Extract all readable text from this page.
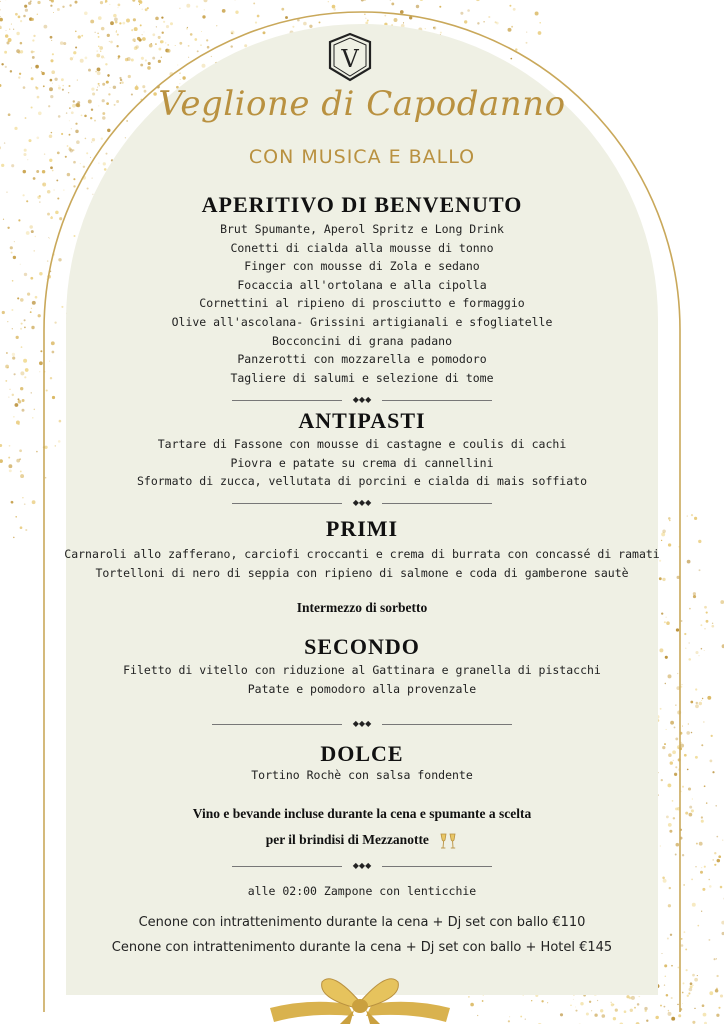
V
Veglione di Capodanno
CON MUSICA E BALLO
APERITIVO DI BENVENUTO
Brut Spumante, Aperol Spritz e Long Drink
Conetti di cialda alla mousse di tonno
Finger con mousse di Zola e sedano
Focaccia all'ortolana e alla cipolla
Cornettini al ripieno di prosciutto e formaggio
Olive all'ascolana- Grissini artigianali e sfogliatelle
Bocconcini di grana padano
Panzerotti con mozzarella e pomodoro
Tagliere di salumi e selezione di tome
◆◆◆
ANTIPASTI
Tartare di Fassone con mousse di castagne e coulis di cachi
Piovra e patate su crema di cannellini
Sformato di zucca, vellutata di porcini e cialda di mais soffiato
◆◆◆
PRIMI
Carnaroli allo zafferano, carciofi croccanti e crema di burrata con concassé di ramati
Tortelloni di nero di seppia con ripieno di salmone e coda di gamberone sautè
Intermezzo di sorbetto
SECONDO
Filetto di vitello con riduzione al Gattinara e granella di pistacchi
Patate e pomodoro alla provenzale
◆◆◆
DOLCE
Tortino Rochè con salsa fondente
Vino e bevande incluse durante la cena e spumante a scelta
per il brindisi di Mezzanotte
◆◆◆
alle 02:00 Zampone con lenticchie
Cenone con intrattenimento durante la cena + Dj set con ballo €110
Cenone con intrattenimento durante la cena + Dj set con ballo + Hotel €145
